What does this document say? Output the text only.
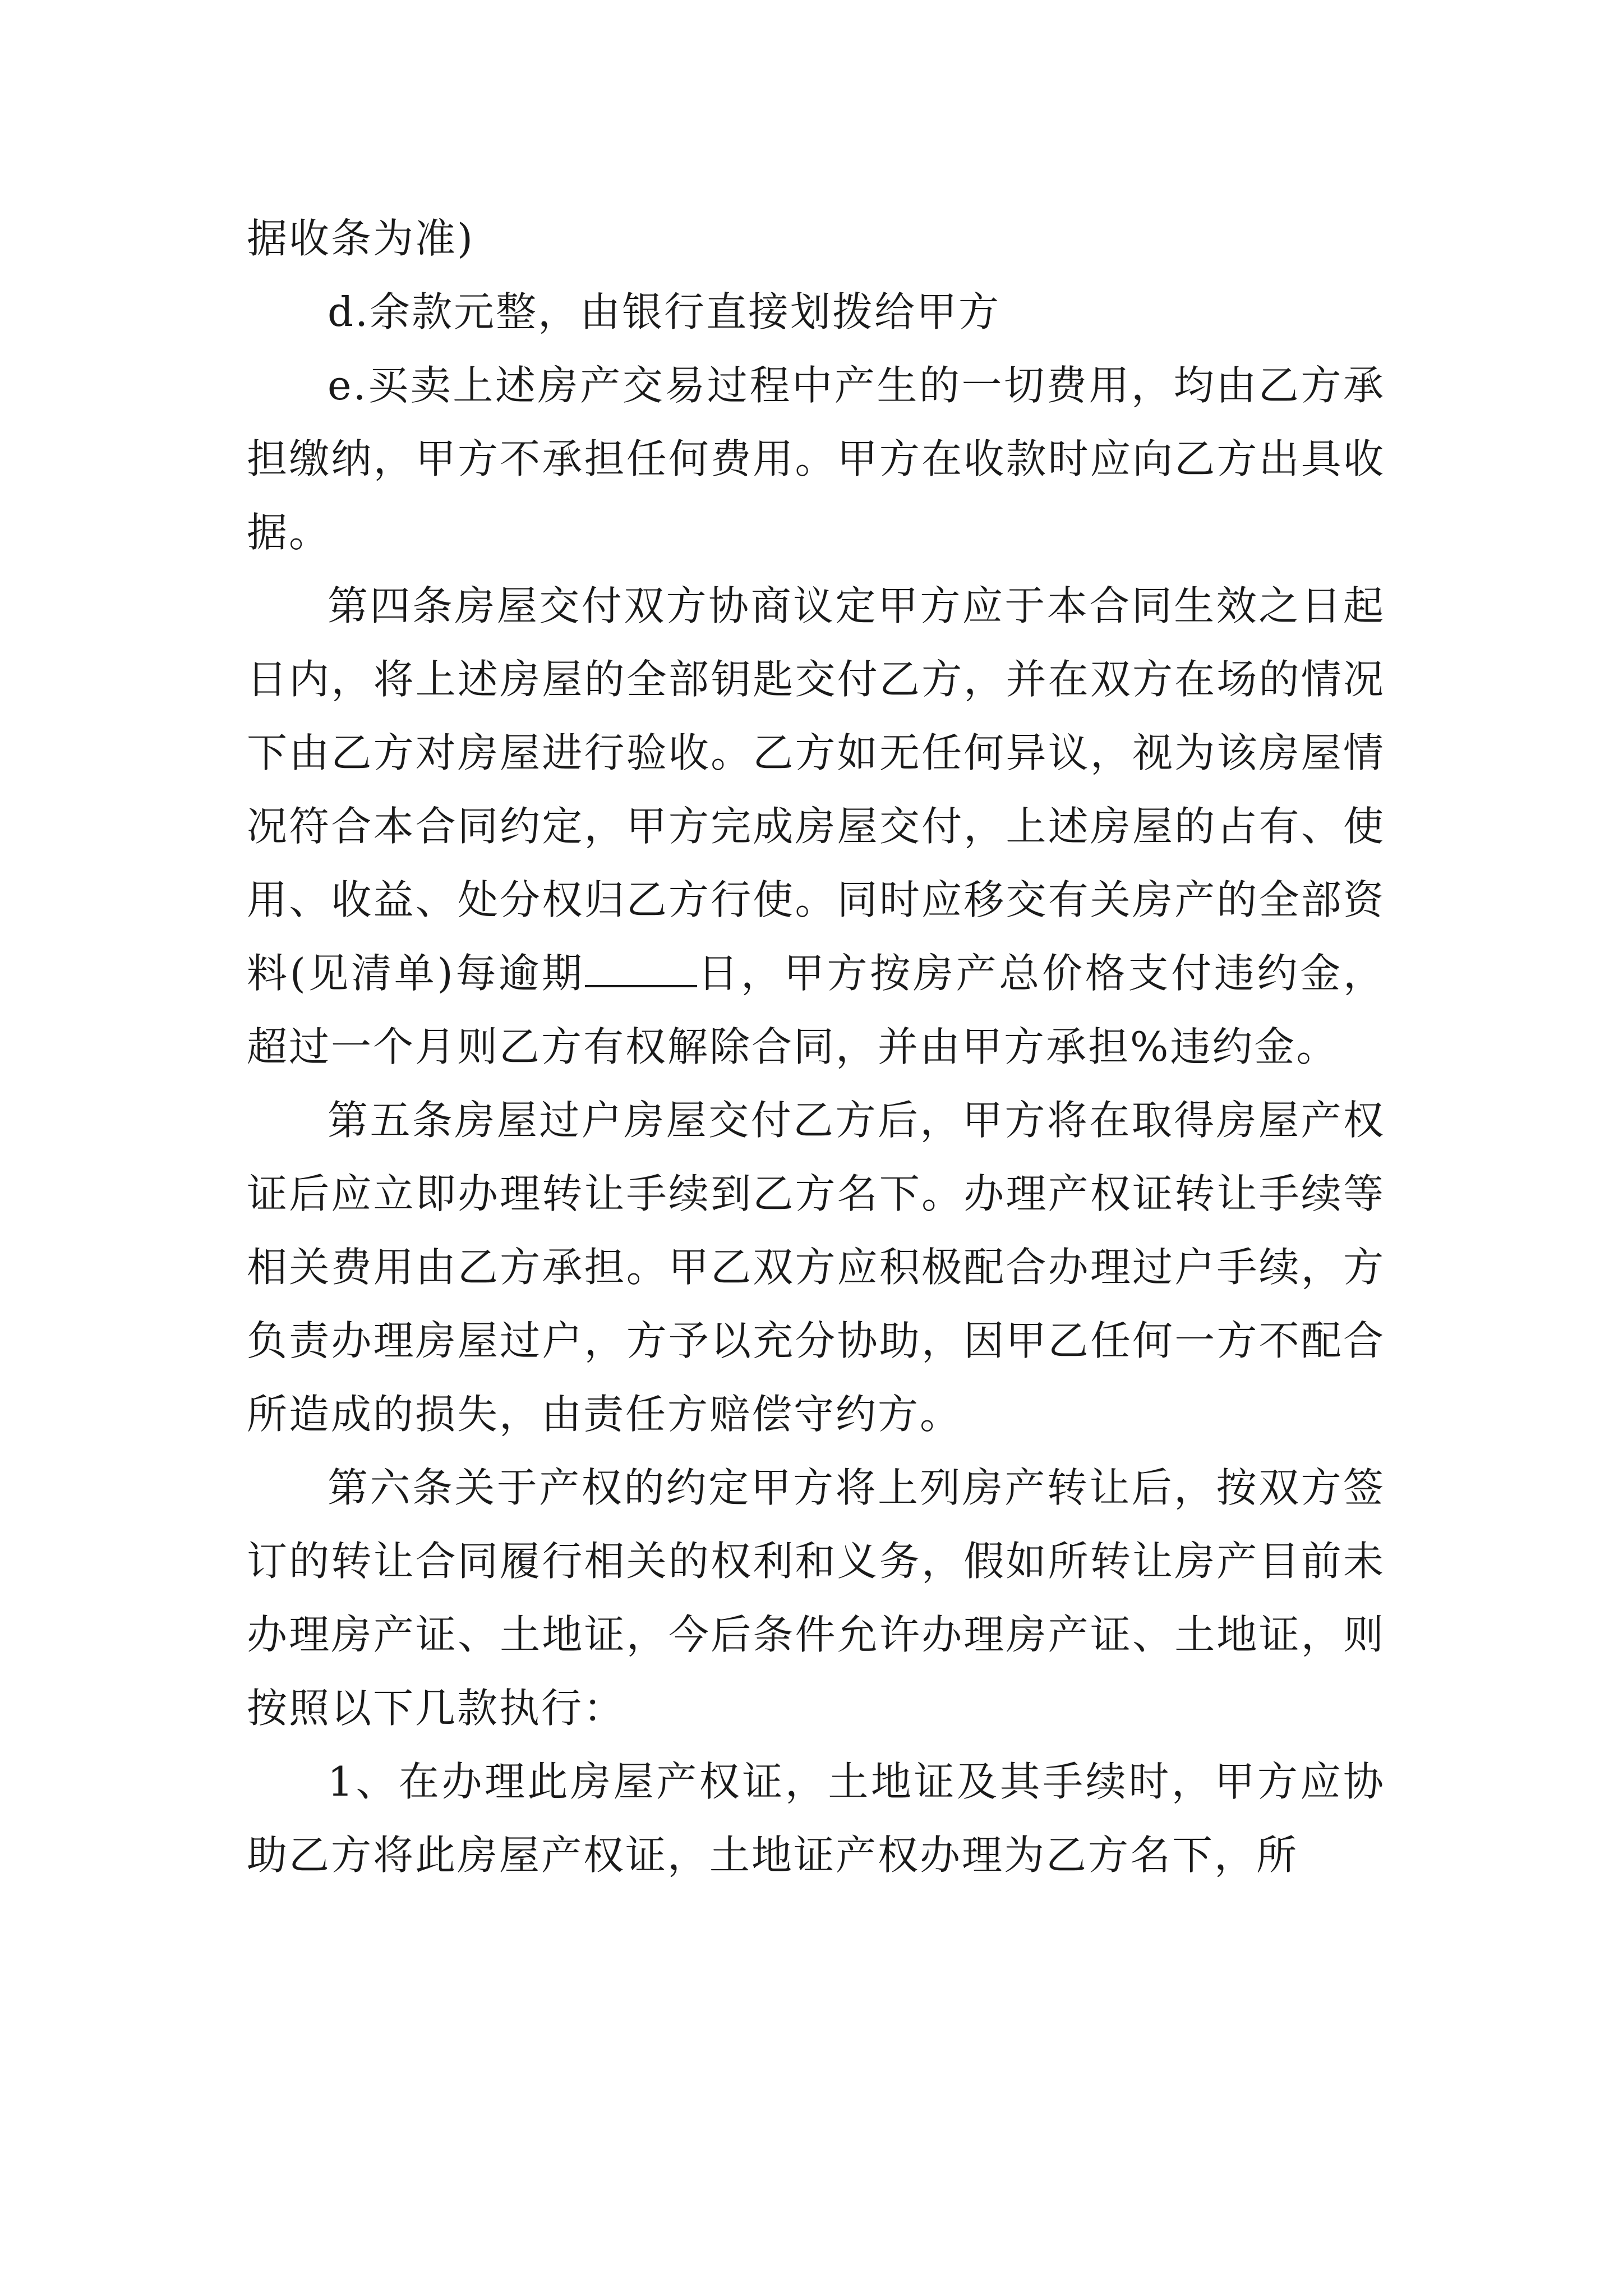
据收条为准)

d.余款元整，由银行直接划拨给甲方

e.买卖上述房产交易过程中产生的一切费用，均由乙方承担缴纳，甲方不承担任何费用。甲方在收款时应向乙方出具收据。

第四条房屋交付双方协商议定甲方应于本合同生效之日起日内，将上述房屋的全部钥匙交付乙方，并在双方在场的情况下由乙方对房屋进行验收。乙方如无任何异议，视为该房屋情况符合本合同约定，甲方完成房屋交付，上述房屋的占有、使用、收益、处分权归乙方行使。同时应移交有关房产的全部资料(见清单)每逾期	日，甲方按房产总价格支付违约金，超过一个月则乙方有权解除合同，并由甲方承担%违约金。

第五条房屋过户房屋交付乙方后，甲方将在取得房屋产权证后应立即办理转让手续到乙方名下。办理产权证转让手续等相关费用由乙方承担。甲乙双方应积极配合办理过户手续，方负责办理房屋过户，方予以充分协助，因甲乙任何一方不配合所造成的损失，由责任方赔偿守约方。

第六条关于产权的约定甲方将上列房产转让后，按双方签订的转让合同履行相关的权利和义务，假如所转让房产目前未办理房产证、土地证，今后条件允许办理房产证、土地证，则按照以下几款执行：

1、在办理此房屋产权证，土地证及其手续时，甲方应协助乙方将此房屋产权证，土地证产权办理为乙方名下，所
